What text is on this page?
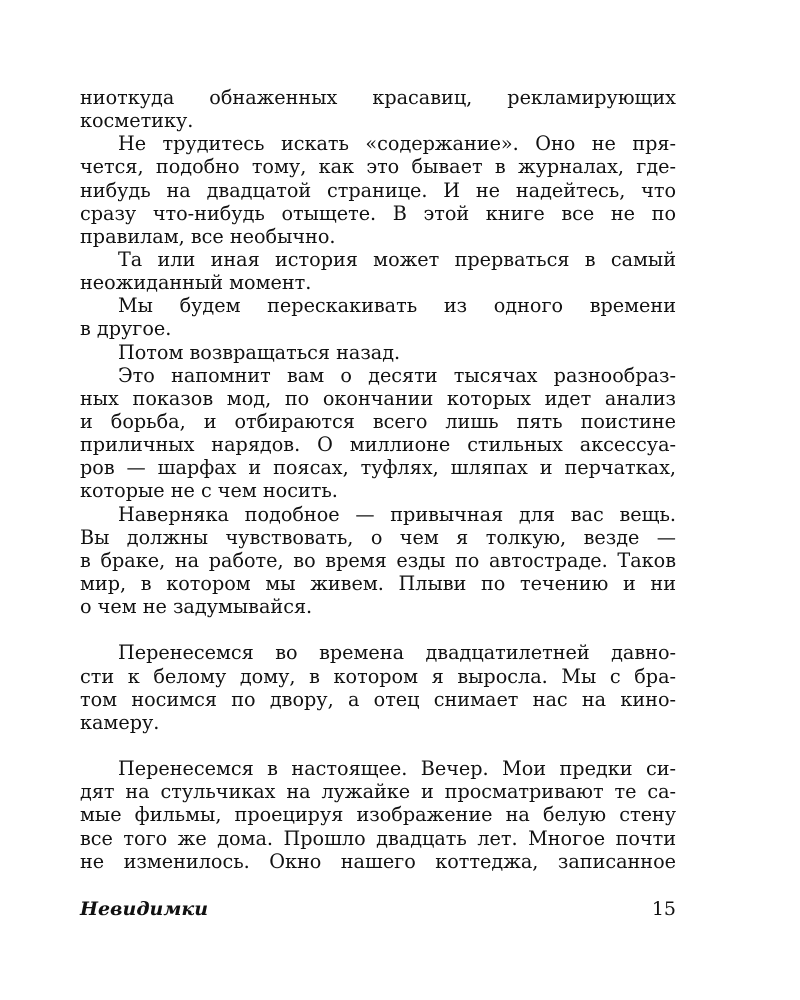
ниоткуда обнаженных красавиц, рекламирующих
косметику.
Не трудитесь искать «содержание». Оно не пря-
чется, подобно тому, как это бывает в журналах, где-
нибудь на двадцатой странице. И не надейтесь, что
сразу что-нибудь отыщете. В этой книге все не по
правилам, все необычно.
Та или иная история может прерваться в самый
неожиданный момент.
Мы будем перескакивать из одного времени
в другое.
Потом возвращаться назад.
Это напомнит вам о десяти тысячах разнообраз-
ных показов мод, по окончании которых идет анализ
и борьба, и отбираются всего лишь пять поистине
приличных нарядов. О миллионе стильных аксессуа-
ров — шарфах и поясах, туфлях, шляпах и перчатках,
которые не с чем носить.
Наверняка подобное — привычная для вас вещь.
Вы должны чувствовать, о чем я толкую, везде —
в браке, на работе, во время езды по автостраде. Таков
мир, в котором мы живем. Плыви по течению и ни
о чем не задумывайся.
Перенесемся во времена двадцатилетней давно-
сти к белому дому, в котором я выросла. Мы с бра-
том носимся по двору, а отец снимает нас на кино-
камеру.
Перенесемся в настоящее. Вечер. Мои предки си-
дят на стульчиках на лужайке и просматривают те са-
мые фильмы, проецируя изображение на белую стену
все того же дома. Прошло двадцать лет. Многое почти
не изменилось. Окно нашего коттеджа, записанное
Невидимки	15
